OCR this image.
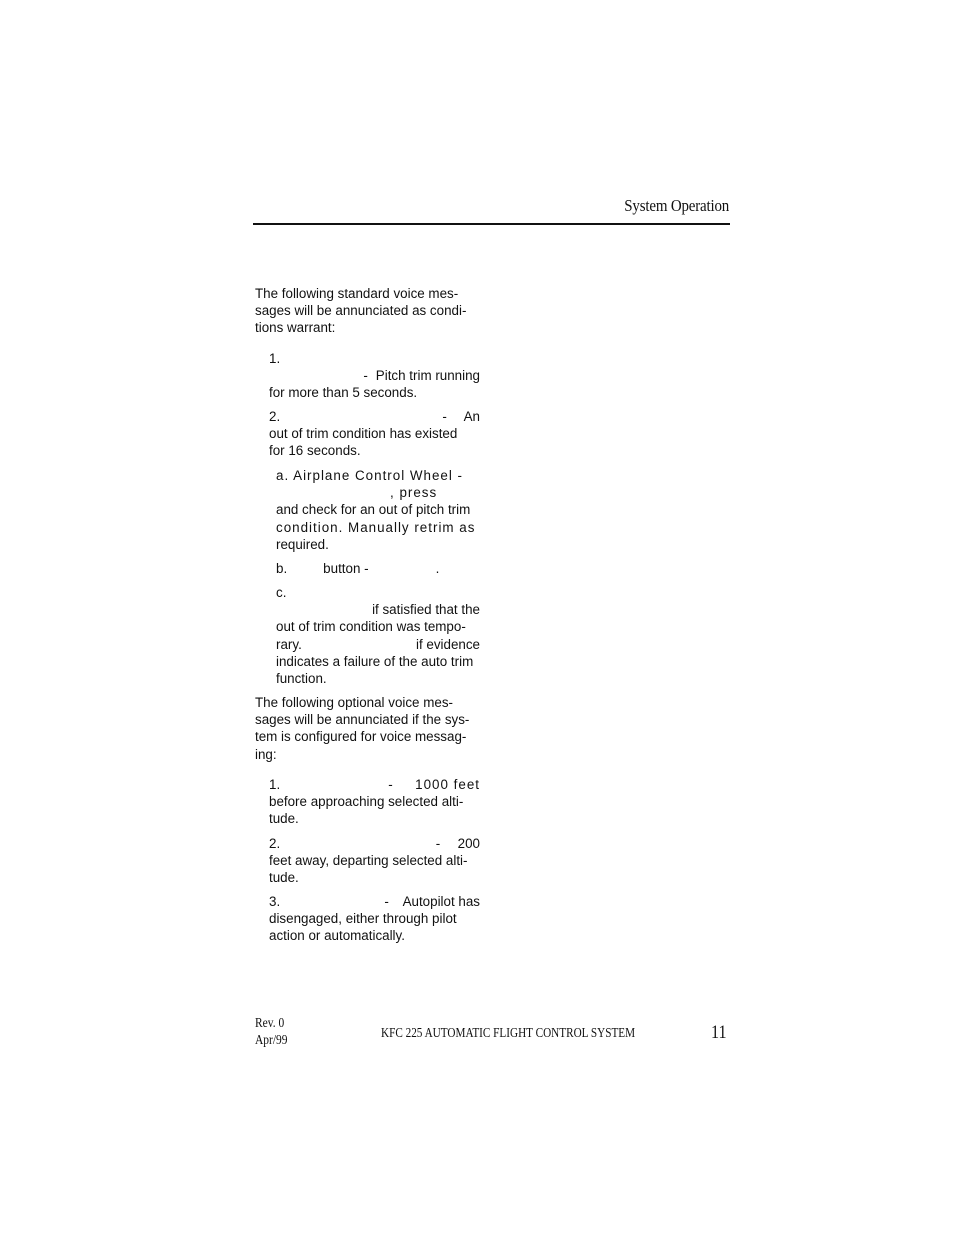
System Operation
The following standard voice mes-
sages will be annunciated as condi-
tions warrant:
1.
- Pitch trim running
for more than 5 seconds.
2.	- An
out of trim condition has existed
for 16 seconds.
a. Airplane Control Wheel -
, press
and check for an out of pitch trim
condition. Manually retrim as
required.
b.	button -	.
c.
if satisfied that the
out of trim condition was tempo-
rary.	if evidence
indicates a failure of the auto trim
function.
The following optional voice mes-
sages will be annunciated if the sys-
tem is configured for voice messag-
ing:
1.	- 1000 feet
before approaching selected alti-
tude.
2.	- 200
feet away, departing selected alti-
tude.
3.	- Autopilot has
disengaged, either through pilot
action or automatically.
Rev. 0
Apr/99	KFC 225 AUTOMATIC FLIGHT CONTROL SYSTEM	11
